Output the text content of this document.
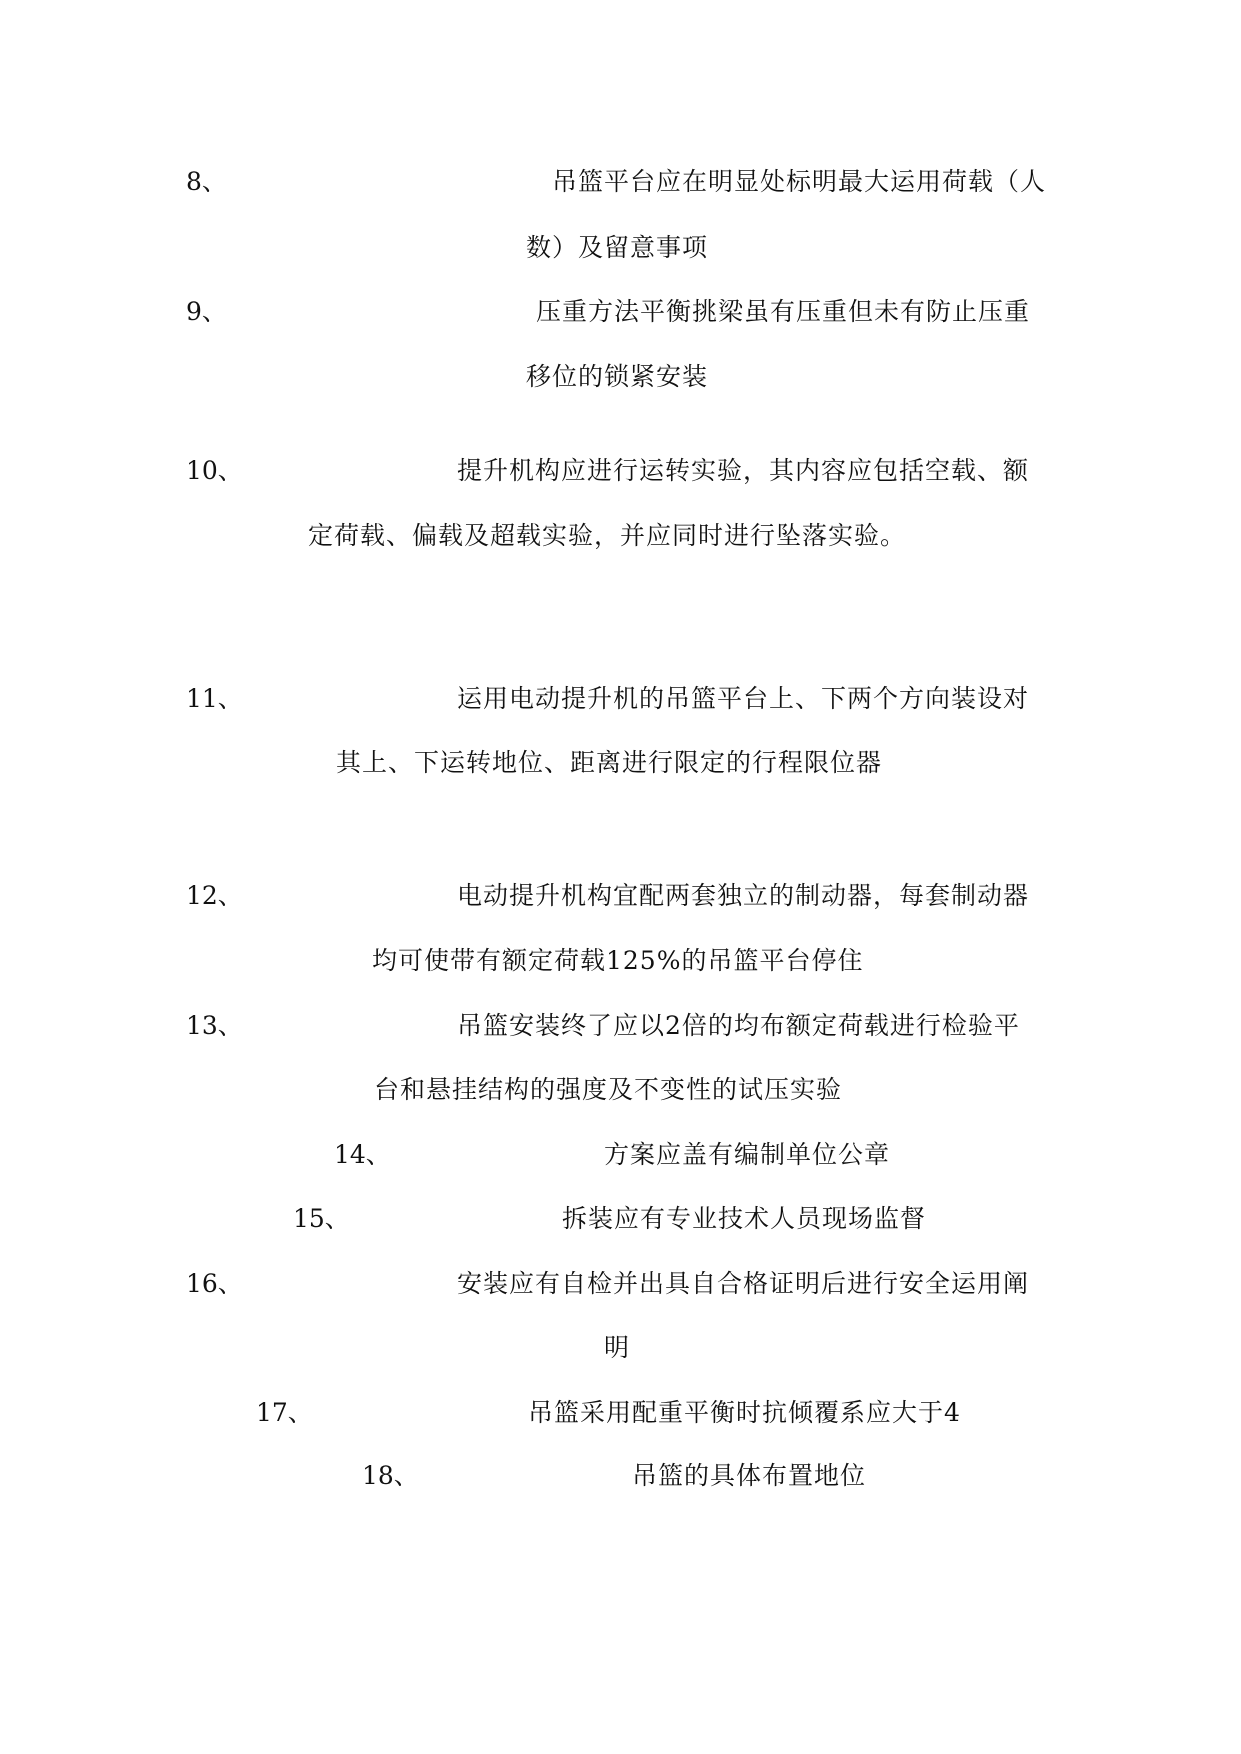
8、	吊篮平台应在明显处标明最大运用荷载（人
数）及留意事项
9、	压重方法平衡挑梁虽有压重但未有防止压重
移位的锁紧安装
10、	提升机构应进行运转实验，其内容应包括空载、额
定荷载、偏载及超载实验，并应同时进行坠落实验。
11、	运用电动提升机的吊篮平台上、下两个方向装设对
其上、下运转地位、距离进行限定的行程限位器
12、	电动提升机构宜配两套独立的制动器，每套制动器
均可使带有额定荷载125%的吊篮平台停住
13、	吊篮安装终了应以2倍的均布额定荷载进行检验平
台和悬挂结构的强度及不变性的试压实验
14、	方案应盖有编制单位公章
15、	拆装应有专业技术人员现场监督
16、	安装应有自检并出具自合格证明后进行安全运用阐
明
17、	吊篮采用配重平衡时抗倾覆系应大于4
18、	吊篮的具体布置地位
